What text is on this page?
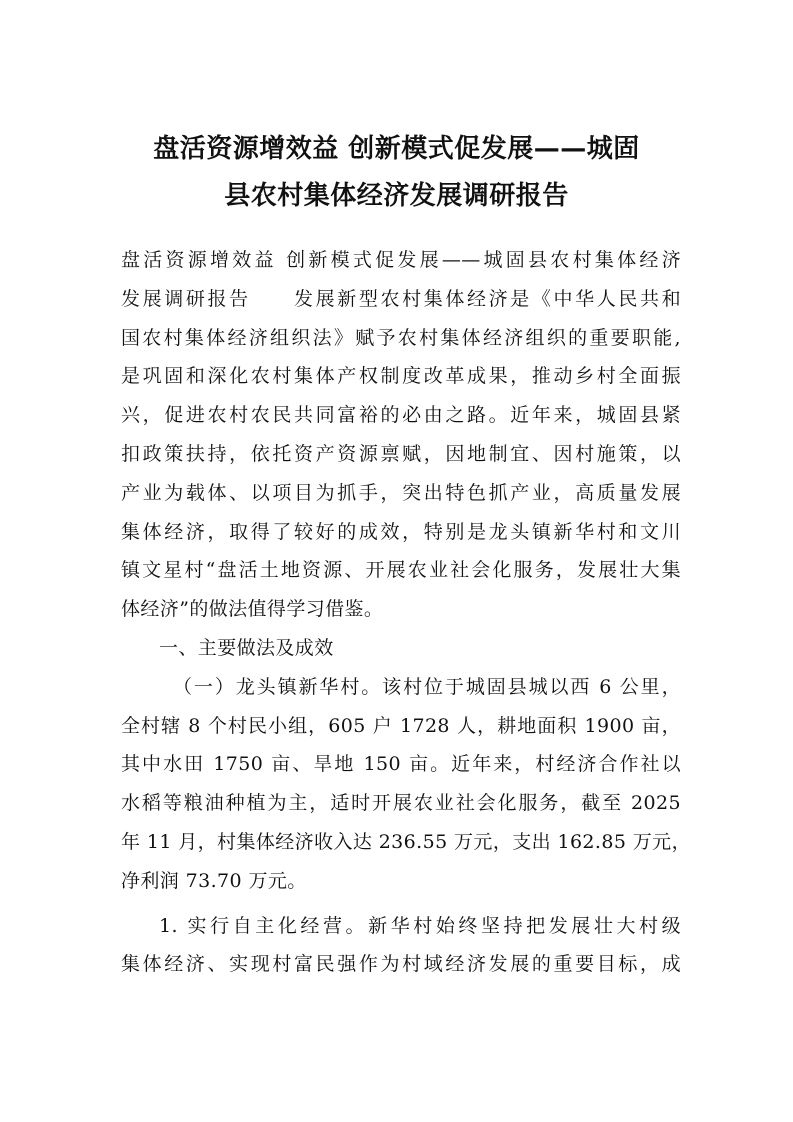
盘活资源增效益 创新模式促发展——城固
县农村集体经济发展调研报告
盘活资源增效益 创新模式促发展——城固县农村集体经济
发展调研报告　　发展新型农村集体经济是《中华人民共和
国农村集体经济组织法》赋予农村集体经济组织的重要职能,
是巩固和深化农村集体产权制度改革成果，推动乡村全面振
兴，促进农村农民共同富裕的必由之路。近年来，城固县紧
扣政策扶持，依托资产资源禀赋，因地制宜、因村施策，以
产业为载体、以项目为抓手，突出特色抓产业，高质量发展
集体经济，取得了较好的成效，特别是龙头镇新华村和文川
镇文星村“盘活土地资源、开展农业社会化服务，发展壮大集
体经济”的做法值得学习借鉴。
一、主要做法及成效
（一）龙头镇新华村。该村位于城固县城以西 6 公里，
全村辖 8 个村民小组，605 户 1728 人，耕地面积 1900 亩，
其中水田 1750 亩、旱地 150 亩。近年来，村经济合作社以
水稻等粮油种植为主，适时开展农业社会化服务，截至 2025
年 11 月，村集体经济收入达 236.55 万元，支出 162.85 万元，
净利润 73.70 万元。
1. 实行自主化经营。新华村始终坚持把发展壮大村级
集体经济、实现村富民强作为村域经济发展的重要目标，成
